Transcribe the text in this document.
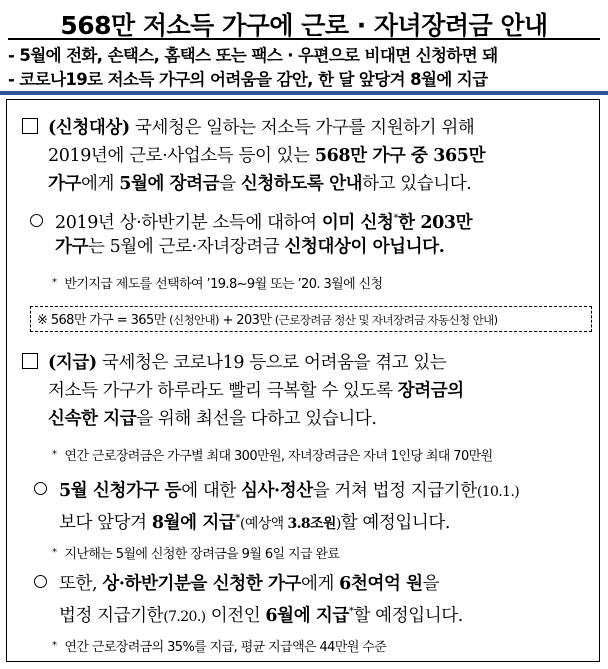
568만 저소득 가구에 근로 · 자녀장려금 안내
- 5월에 전화, 손택스, 홈택스 또는 팩스 · 우편으로 비대면 신청하면 돼
- 코로나19로 저소득 가구의 어려움을 감안, 한 달 앞당겨 8월에 지급
(신청대상) 국세청은 일하는 저소득 가구를 지원하기 위해
2019년에 근로·사업소득 등이 있는 568만 가구 중 365만
가구에게 5월에 장려금을 신청하도록 안내하고 있습니다.
2019년 상·하반기분 소득에 대하여 이미 신청*한 203만
가구는 5월에 근로·자녀장려금 신청대상이 아닙니다.
* 반기지급 제도를 선택하여 ’19.8∼9월 또는 ’20. 3월에 신청
※ 568만 가구 = 365만 (신청안내) + 203만 (근로장려금 정산 및 자녀장려금 자동신청 안내)
(지급) 국세청은 코로나19 등으로 어려움을 겪고 있는
저소득 가구가 하루라도 빨리 극복할 수 있도록 장려금의
신속한 지급을 위해 최선을 다하고 있습니다.
* 연간 근로장려금은 가구별 최대 300만원, 자녀장려금은 자녀 1인당 최대 70만원
5월 신청가구 등에 대한 심사·정산을 거쳐 법정 지급기한(10.1.)
보다 앞당겨 8월에 지급*(예상액 3.8조원)할 예정입니다.
* 지난해는 5월에 신청한 장려금을 9월 6일 지급 완료
또한, 상·하반기분을 신청한 가구에게 6천여억 원을
법정 지급기한(7.20.) 이전인 6월에 지급*할 예정입니다.
* 연간 근로장려금의 35%를 지급, 평균 지급액은 44만원 수준
